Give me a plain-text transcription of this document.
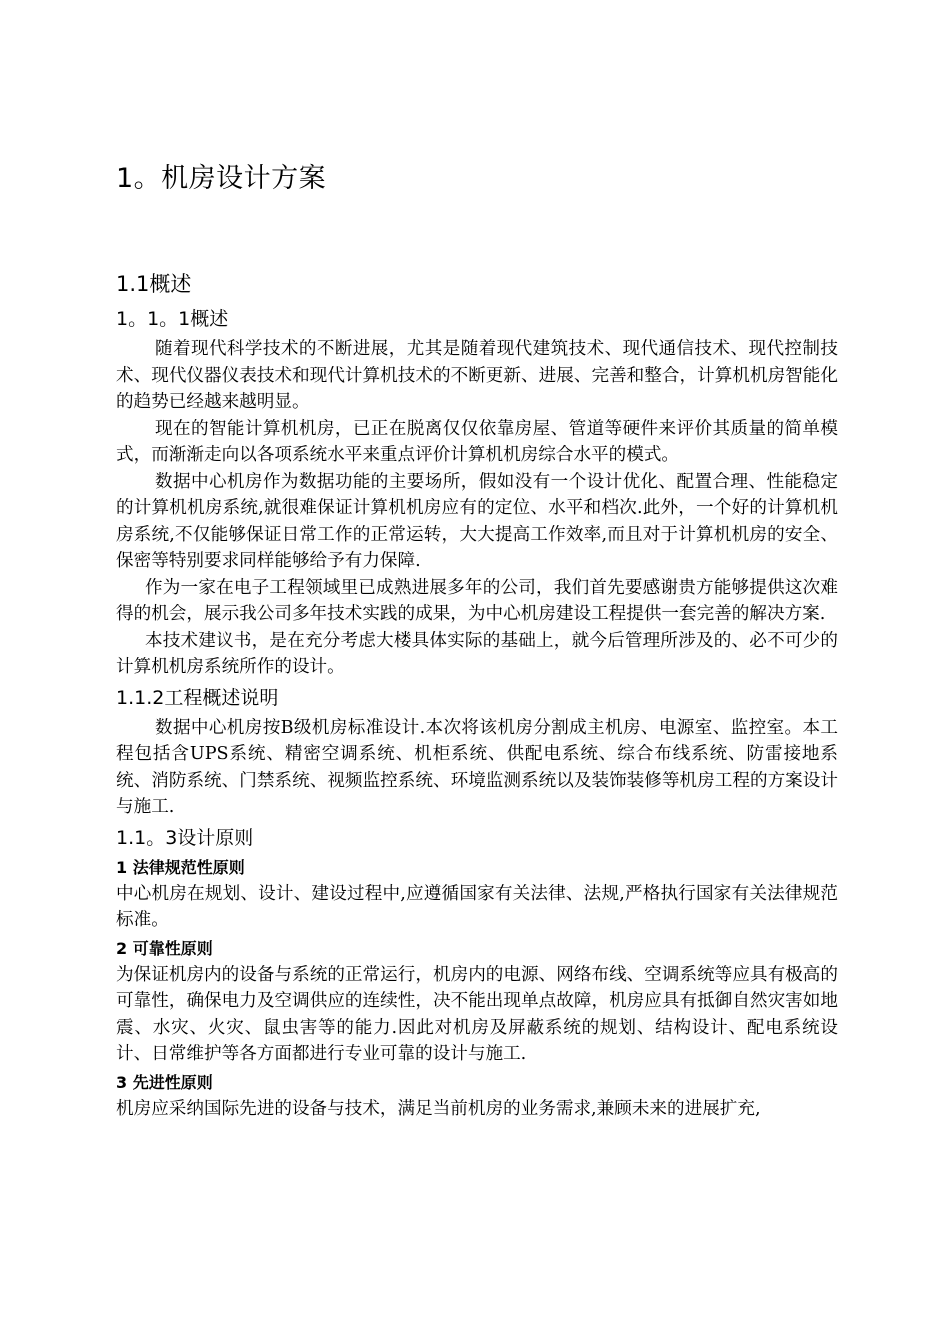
1。机房设计方案
1.1概述
1。1。1概述

随着现代科学技术的不断进展，尤其是随着现代建筑技术、现代通信技术、现代控制技术、现代仪器仪表技术和现代计算机技术的不断更新、进展、完善和整合，计算机机房智能化的趋势已经越来越明显。

现在的智能计算机机房，已正在脱离仅仅依靠房屋、管道等硬件来评价其质量的简单模式，而渐渐走向以各项系统水平来重点评价计算机机房综合水平的模式。

数据中心机房作为数据功能的主要场所，假如没有一个设计优化、配置合理、性能稳定的计算机机房系统,就很难保证计算机机房应有的定位、水平和档次.此外，一个好的计算机机房系统,不仅能够保证日常工作的正常运转，大大提高工作效率,而且对于计算机机房的安全、保密等特别要求同样能够给予有力保障.

作为一家在电子工程领域里已成熟进展多年的公司，我们首先要感谢贵方能够提供这次难得的机会，展示我公司多年技术实践的成果，为中心机房建设工程提供一套完善的解决方案.

本技术建议书，是在充分考虑大楼具体实际的基础上，就今后管理所涉及的、必不可少的计算机机房系统所作的设计。

1.1.2工程概述说明

数据中心机房按B级机房标准设计.本次将该机房分割成主机房、电源室、监控室。本工程包括含UPS系统、精密空调系统、机柜系统、供配电系统、综合布线系统、防雷接地系统、消防系统、门禁系统、视频监控系统、环境监测系统以及装饰装修等机房工程的方案设计与施工.

1.1。3设计原则
1 法律规范性原则

中心机房在规划、设计、建设过程中,应遵循国家有关法律、法规,严格执行国家有关法律规范标准。

2 可靠性原则

为保证机房内的设备与系统的正常运行，机房内的电源、网络布线、空调系统等应具有极高的可靠性，确保电力及空调供应的连续性，决不能出现单点故障，机房应具有抵御自然灾害如地震、水灾、火灾、鼠虫害等的能力.因此对机房及屏蔽系统的规划、结构设计、配电系统设计、日常维护等各方面都进行专业可靠的设计与施工.

3 先进性原则

机房应采纳国际先进的设备与技术，满足当前机房的业务需求,兼顾未来的进展扩充,
